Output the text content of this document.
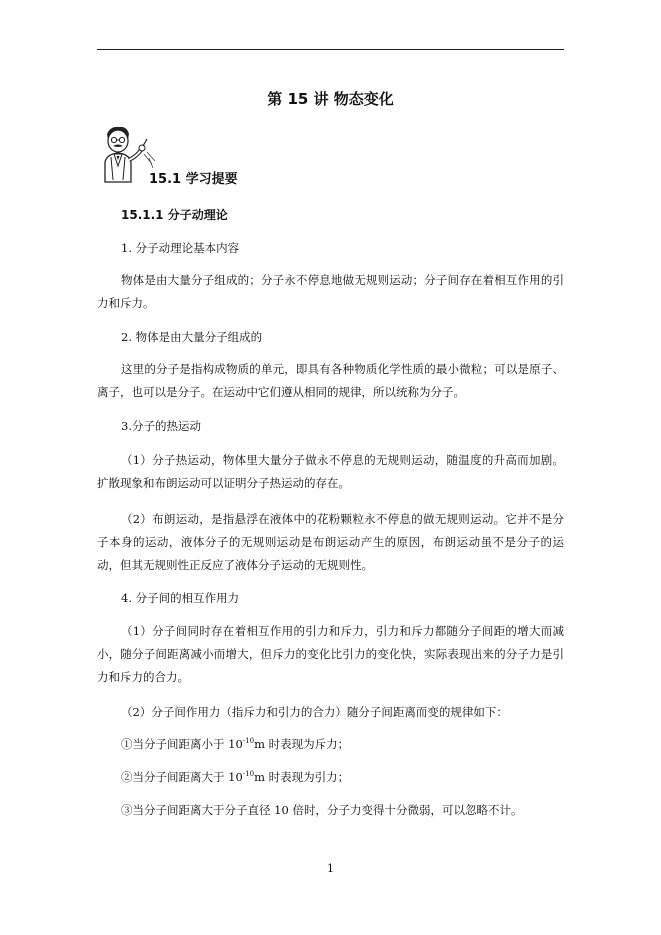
第 15 讲 物态变化
15.1 学习提要
15.1.1 分子动理论
1. 分子动理论基本内容
物体是由大量分子组成的；分子永不停息地做无规则运动；分子间存在着相互作用的引力和斥力。
2. 物体是由大量分子组成的
这里的分子是指构成物质的单元，即具有各种物质化学性质的最小微粒；可以是原子、离子，也可以是分子。在运动中它们遵从相同的规律，所以统称为分子。
3.分子的热运动
（1）分子热运动，物体里大量分子做永不停息的无规则运动，随温度的升高而加剧。扩散现象和布朗运动可以证明分子热运动的存在。
（2）布朗运动，是指悬浮在液体中的花粉颗粒永不停息的做无规则运动。它并不是分子本身的运动，液体分子的无规则运动是布朗运动产生的原因，布朗运动虽不是分子的运动，但其无规则性正反应了液体分子运动的无规则性。
4. 分子间的相互作用力
（1）分子间同时存在着相互作用的引力和斥力，引力和斥力都随分子间距的增大而减小，随分子间距离减小而增大，但斥力的变化比引力的变化快，实际表现出来的分子力是引力和斥力的合力。
（2）分子间作用力（指斥力和引力的合力）随分子间距离而变的规律如下：
①当分子间距离小于 $10^{-10}m$ 时表现为斥力；
②当分子间距离大于 $10^{-10}m$ 时表现为引力；
③当分子间距离大于分子直径 10 倍时，分子力变得十分微弱，可以忽略不计。
1
